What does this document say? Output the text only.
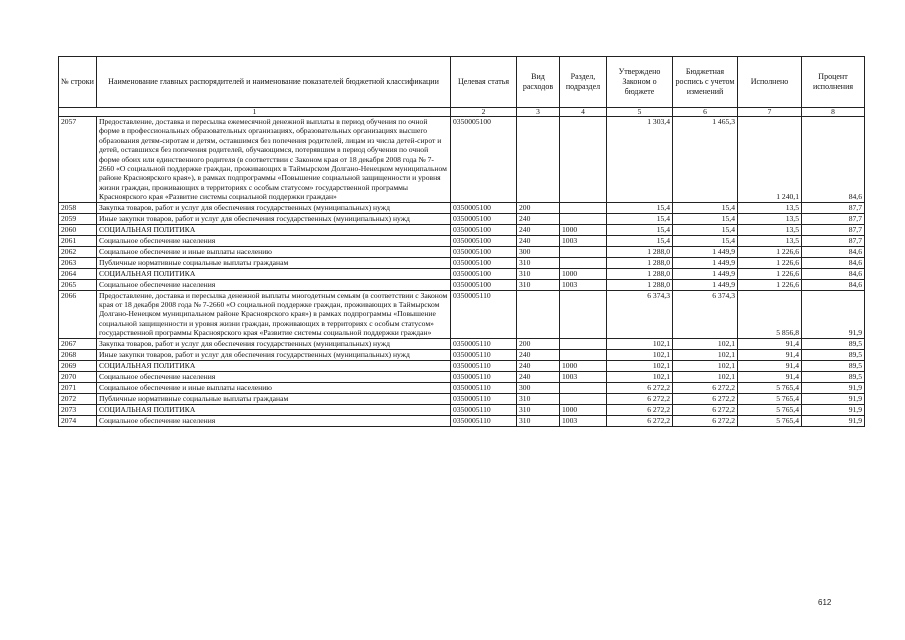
№ строки	Наименование главных распорядителей и наименование показателей бюджетной классификации	Целевая статья	Вид расходов	Раздел, подраздел	Утверждено Законом о бюджете	Бюджетная роспись с учетом изменений	Исполнено	Процент исполнения
1		2	3	4	5	6	7	8
2057	Предоставление, доставка и пересылка ежемесячной денежной выплаты в период обучения по очной форме в профессиональных образовательных организациях, образовательных организациях высшего образования детям-сиротам и детям, оставшимся без попечения родителей, лицам из числа детей-сирот и детей, оставшихся без попечения родителей, обучающимся, потерявшим в период обучения по очной форме обоих или единственного родителя (в соответствии с Законом края от 18 декабря 2008 года № 7-2660 «О социальной поддержке граждан, проживающих в Таймырском Долгано-Ненецком муниципальном районе Красноярского края»), в рамках подпрограммы «Повышение социальной защищенности и уровня жизни граждан, проживающих в территориях с особым статусом» государственной программы Красноярского края «Развитие системы социальной поддержки граждан»	0350005100			1 303,4	1 465,3	1 240,1	84,6
2058	Закупка товаров, работ и услуг для обеспечения государственных (муниципальных) нужд	0350005100	200		15,4	15,4	13,5	87,7
2059	Иные закупки товаров, работ и услуг для обеспечения государственных (муниципальных) нужд	0350005100	240		15,4	15,4	13,5	87,7
2060	СОЦИАЛЬНАЯ ПОЛИТИКА	0350005100	240	1000	15,4	15,4	13,5	87,7
2061	Социальное обеспечение населения	0350005100	240	1003	15,4	15,4	13,5	87,7
2062	Социальное обеспечение и иные выплаты населению	0350005100	300		1 288,0	1 449,9	1 226,6	84,6
2063	Публичные нормативные социальные выплаты гражданам	0350005100	310		1 288,0	1 449,9	1 226,6	84,6
2064	СОЦИАЛЬНАЯ ПОЛИТИКА	0350005100	310	1000	1 288,0	1 449,9	1 226,6	84,6
2065	Социальное обеспечение населения	0350005100	310	1003	1 288,0	1 449,9	1 226,6	84,6
2066	Предоставление, доставка и пересылка денежной выплаты многодетным семьям (в соответствии с Законом края от 18 декабря 2008 года № 7-2660 «О социальной поддержке граждан, проживающих в Таймырском Долгано-Ненецком муниципальном районе Красноярского края») в рамках подпрограммы «Повышение социальной защищенности и уровня жизни граждан, проживающих в территориях с особым статусом» государственной программы Красноярского края «Развитие системы социальной поддержки граждан»	0350005110			6 374,3	6 374,3	5 856,8	91,9
2067	Закупка товаров, работ и услуг для обеспечения государственных (муниципальных) нужд	0350005110	200		102,1	102,1	91,4	89,5
2068	Иные закупки товаров, работ и услуг для обеспечения государственных (муниципальных) нужд	0350005110	240		102,1	102,1	91,4	89,5
2069	СОЦИАЛЬНАЯ ПОЛИТИКА	0350005110	240	1000	102,1	102,1	91,4	89,5
2070	Социальное обеспечение населения	0350005110	240	1003	102,1	102,1	91,4	89,5
2071	Социальное обеспечение и иные выплаты населению	0350005110	300		6 272,2	6 272,2	5 765,4	91,9
2072	Публичные нормативные социальные выплаты гражданам	0350005110	310		6 272,2	6 272,2	5 765,4	91,9
2073	СОЦИАЛЬНАЯ ПОЛИТИКА	0350005110	310	1000	6 272,2	6 272,2	5 765,4	91,9
2074	Социальное обеспечение населения	0350005110	310	1003	6 272,2	6 272,2	5 765,4	91,9
612
